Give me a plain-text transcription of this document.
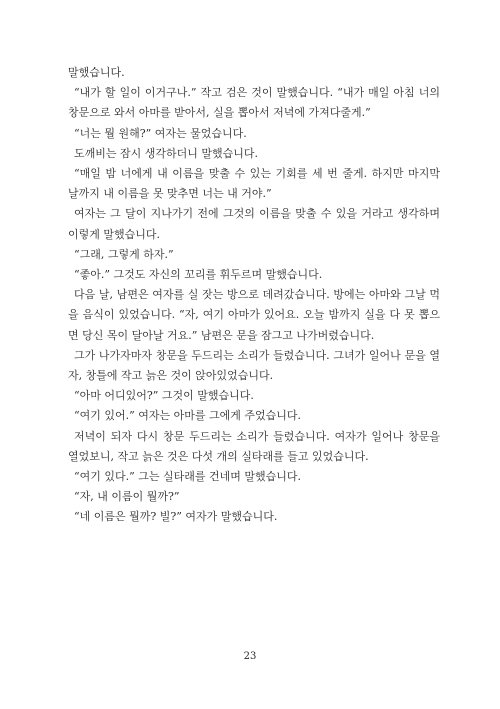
말했습니다.

“내가 할 일이 이거구나.” 작고 검은 것이 말했습니다. “내가 매일 아침 너의 창문으로 와서 아마를 받아서, 실을 뽑아서 저녁에 가져다줄게.”

“너는 뭘 원해?” 여자는 물었습니다.

도깨비는 잠시 생각하더니 말했습니다.

“매일 밤 너에게 내 이름을 맞출 수 있는 기회를 세 번 줄게. 하지만 마지막 날까지 내 이름을 못 맞추면 너는 내 거야.”

여자는 그 달이 지나가기 전에 그것의 이름을 맞출 수 있을 거라고 생각하며 이렇게 말했습니다.

“그래, 그렇게 하자.”

“좋아.” 그것도 자신의 꼬리를 휘두르며 말했습니다.

다음 날, 남편은 여자를 실 잣는 방으로 데려갔습니다. 방에는 아마와 그날 먹을 음식이 있었습니다. “자, 여기 아마가 있어요. 오늘 밤까지 실을 다 못 뽑으면 당신 목이 달아날 거요.” 남편은 문을 잠그고 나가버렸습니다.

그가 나가자마자 창문을 두드리는 소리가 들렸습니다. 그녀가 일어나 문을 열자, 창틀에 작고 늙은 것이 앉아있었습니다.

“아마 어디있어?” 그것이 말했습니다.

“여기 있어.” 여자는 아마를 그에게 주었습니다.

저녁이 되자 다시 창문 두드리는 소리가 들렸습니다. 여자가 일어나 창문을 열었보니, 작고 늙은 것은 다섯 개의 실타래를 들고 있었습니다.

“여기 있다.” 그는 실타래를 건네며 말했습니다.

“자, 내 이름이 뭘까?”

“네 이름은 뭘까? 빌?” 여자가 말했습니다.

23
